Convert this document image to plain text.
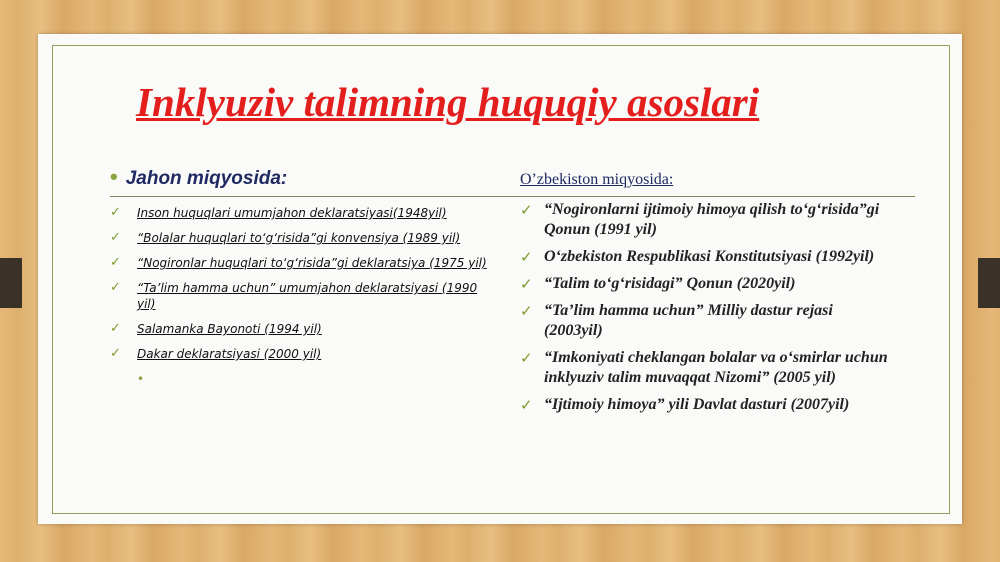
Inklyuziv talimning huquqiy asoslari
• Jahon miqyosida:	O’zbekiston miqyosida:
✓ Inson huquqlari umumjahon deklaratsiyasi(1948yil)
✓ “Bolalar huquqlari to‘g‘risida”gi konvensiya (1989 yil)
✓ “Nogironlar huquqlari to‘g‘risida”gi deklaratsiya (1975 yil)
✓ “Ta’lim hamma uchun” umumjahon deklaratsiyasi (1990 yil)
✓ Salamanka Bayonoti (1994 yil)
✓ Dakar deklaratsiyasi (2000 yil)
•
✓ “Nogironlarni ijtimoiy himoya qilish to‘g‘risida”gi Qonun (1991 yil)
✓ O‘zbekiston Respublikasi Konstitutsiyasi (1992yil)
✓ “Talim to‘g‘risidagi” Qonun (2020yil)
✓ “Ta’lim hamma uchun” Milliy dastur rejasi (2003yil)
✓ “Imkoniyati cheklangan bolalar va o‘smirlar uchun inklyuziv talim muvaqqat Nizomi” (2005 yil)
✓ “Ijtimoiy himoya” yili Davlat dasturi (2007yil)
